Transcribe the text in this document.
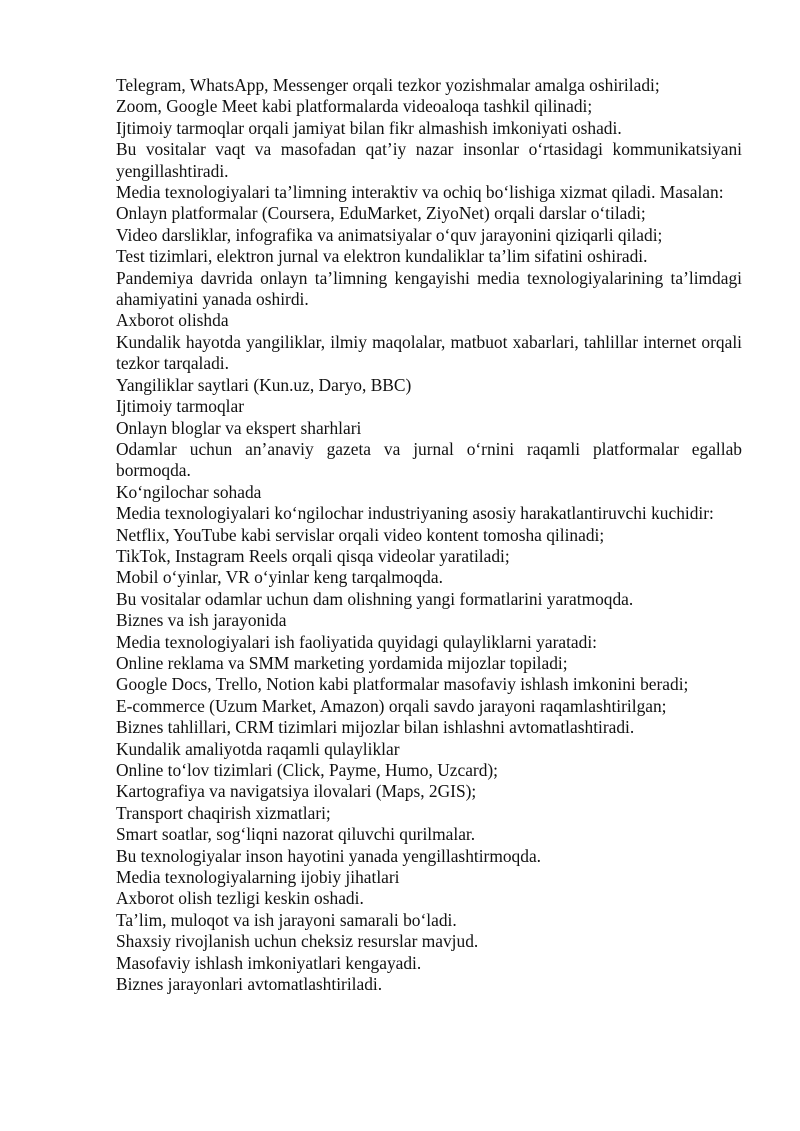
Telegram, WhatsApp, Messenger orqali tezkor yozishmalar amalga oshiriladi;

Zoom, Google Meet kabi platformalarda videoaloqa tashkil qilinadi;

Ijtimoiy tarmoqlar orqali jamiyat bilan fikr almashish imkoniyati oshadi.

Bu vositalar vaqt va masofadan qat’iy nazar insonlar o‘rtasidagi kommunikatsiyani yengillashtiradi.

Media texnologiyalari ta’limning interaktiv va ochiq bo‘lishiga xizmat qiladi. Masalan:

Onlayn platformalar (Coursera, EduMarket, ZiyoNet) orqali darslar o‘tiladi;

Video darsliklar, infografika va animatsiyalar o‘quv jarayonini qiziqarli qiladi;

Test tizimlari, elektron jurnal va elektron kundaliklar ta’lim sifatini oshiradi.

Pandemiya davrida onlayn ta’limning kengayishi media texnologiyalarining ta’limdagi ahamiyatini yanada oshirdi.

Axborot olishda

Kundalik hayotda yangiliklar, ilmiy maqolalar, matbuot xabarlari, tahlillar internet orqali tezkor tarqaladi.

Yangiliklar saytlari (Kun.uz, Daryo, BBC)

Ijtimoiy tarmoqlar

Onlayn bloglar va ekspert sharhlari

Odamlar uchun an’anaviy gazeta va jurnal o‘rnini raqamli platformalar egallab bormoqda.

Ko‘ngilochar sohada

Media texnologiyalari ko‘ngilochar industriyaning asosiy harakatlantiruvchi kuchidir:

Netflix, YouTube kabi servislar orqali video kontent tomosha qilinadi;

TikTok, Instagram Reels orqali qisqa videolar yaratiladi;

Mobil o‘yinlar, VR o‘yinlar keng tarqalmoqda.

Bu vositalar odamlar uchun dam olishning yangi formatlarini yaratmoqda.

Biznes va ish jarayonida

Media texnologiyalari ish faoliyatida quyidagi qulayliklarni yaratadi:

Online reklama va SMM marketing yordamida mijozlar topiladi;

Google Docs, Trello, Notion kabi platformalar masofaviy ishlash imkonini beradi;

E-commerce (Uzum Market, Amazon) orqali savdo jarayoni raqamlashtirilgan;

Biznes tahlillari, CRM tizimlari mijozlar bilan ishlashni avtomatlashtiradi.

Kundalik amaliyotda raqamli qulayliklar

Online to‘lov tizimlari (Click, Payme, Humo, Uzcard);

Kartografiya va navigatsiya ilovalari (Maps, 2GIS);

Transport chaqirish xizmatlari;

Smart soatlar, sog‘liqni nazorat qiluvchi qurilmalar.

Bu texnologiyalar inson hayotini yanada yengillashtirmoqda.

Media texnologiyalarning ijobiy jihatlari

Axborot olish tezligi keskin oshadi.

Ta’lim, muloqot va ish jarayoni samarali bo‘ladi.

Shaxsiy rivojlanish uchun cheksiz resurslar mavjud.

Masofaviy ishlash imkoniyatlari kengayadi.

Biznes jarayonlari avtomatlashtiriladi.
